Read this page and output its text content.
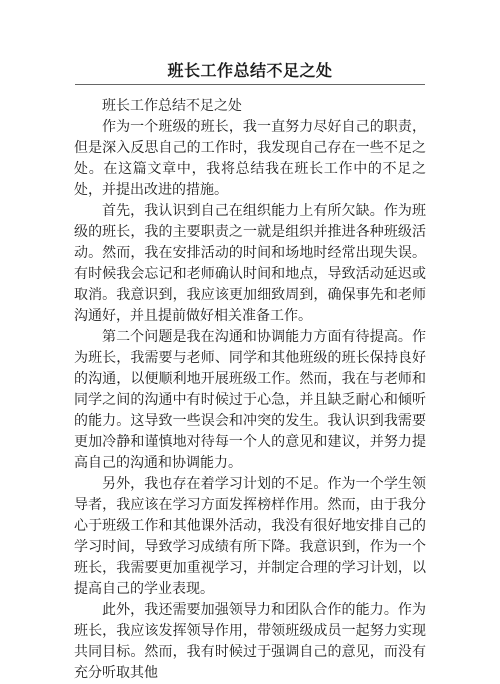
班长工作总结不足之处

班长工作总结不足之处

作为一个班级的班长，我一直努力尽好自己的职责，但是深入反思自己的工作时，我发现自己存在一些不足之处。在这篇文章中，我将总结我在班长工作中的不足之处，并提出改进的措施。

首先，我认识到自己在组织能力上有所欠缺。作为班级的班长，我的主要职责之一就是组织并推进各种班级活动。然而，我在安排活动的时间和场地时经常出现失误。有时候我会忘记和老师确认时间和地点，导致活动延迟或取消。我意识到，我应该更加细致周到，确保事先和老师沟通好，并且提前做好相关准备工作。

第二个问题是我在沟通和协调能力方面有待提高。作为班长，我需要与老师、同学和其他班级的班长保持良好的沟通，以便顺利地开展班级工作。然而，我在与老师和同学之间的沟通中有时候过于心急，并且缺乏耐心和倾听的能力。这导致一些误会和冲突的发生。我认识到我需要更加冷静和谨慎地对待每一个人的意见和建议，并努力提高自己的沟通和协调能力。

另外，我也存在着学习计划的不足。作为一个学生领导者，我应该在学习方面发挥榜样作用。然而，由于我分心于班级工作和其他课外活动，我没有很好地安排自己的学习时间，导致学习成绩有所下降。我意识到，作为一个班长，我需要更加重视学习，并制定合理的学习计划，以提高自己的学业表现。

此外，我还需要加强领导力和团队合作的能力。作为班长，我应该发挥领导作用，带领班级成员一起努力实现共同目标。然而，我有时候过于强调自己的意见，而没有充分听取其他
